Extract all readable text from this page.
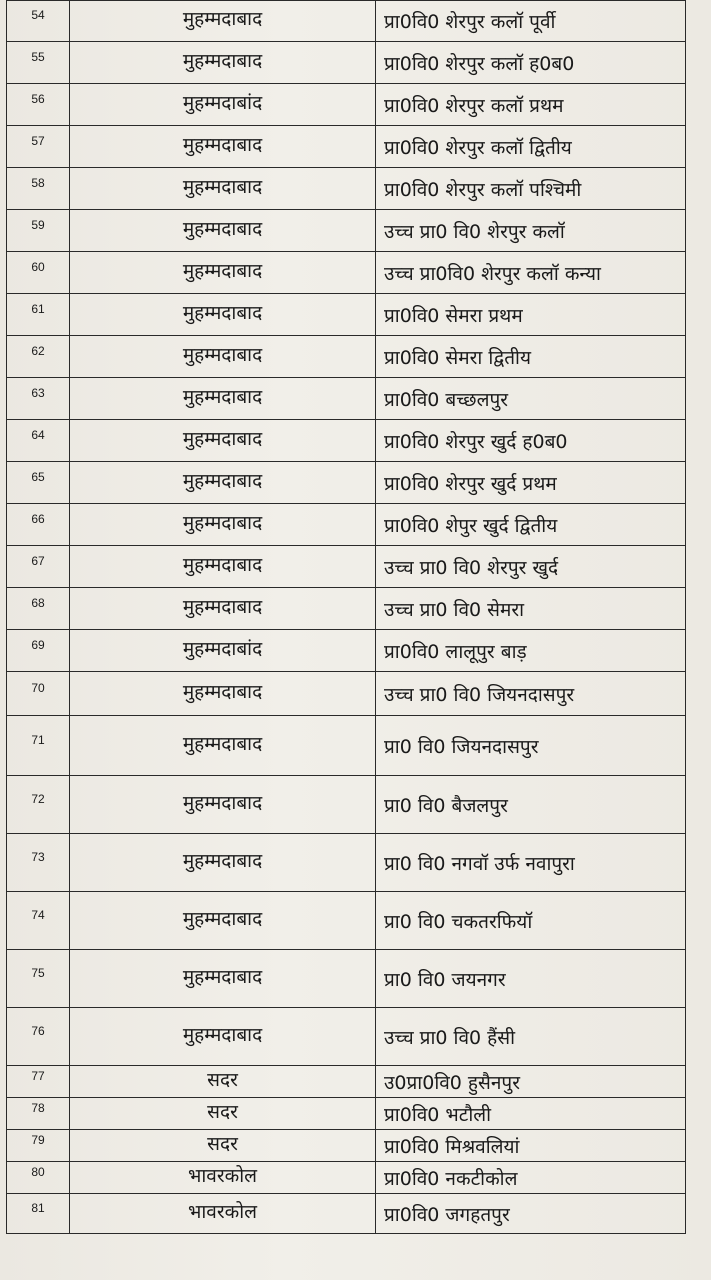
54	मुहम्मदाबाद	प्रा0वि0 शेरपुर कलॉ पूर्वी
55	मुहम्मदाबाद	प्रा0वि0 शेरपुर कलॉ ह0ब0
56	मुहम्मदाबांद	प्रा0वि0 शेरपुर कलॉ प्रथम
57	मुहम्मदाबाद	प्रा0वि0 शेरपुर कलॉ द्वितीय
58	मुहम्मदाबाद	प्रा0वि0 शेरपुर कलॉ पश्चिमी
59	मुहम्मदाबाद	उच्च प्रा0 वि0 शेरपुर कलॉ
60	मुहम्मदाबाद	उच्च प्रा0वि0 शेरपुर कलॉ कन्या
61	मुहम्मदाबाद	प्रा0वि0 सेमरा प्रथम
62	मुहम्मदाबाद	प्रा0वि0 सेमरा द्वितीय
63	मुहम्मदाबाद	प्रा0वि0 बच्छलपुर
64	मुहम्मदाबाद	प्रा0वि0 शेरपुर खुर्द ह0ब0
65	मुहम्मदाबाद	प्रा0वि0 शेरपुर खुर्द प्रथम
66	मुहम्मदाबाद	प्रा0वि0 शेपुर खुर्द द्वितीय
67	मुहम्मदाबाद	उच्च प्रा0 वि0 शेरपुर खुर्द
68	मुहम्मदाबाद	उच्च प्रा0 वि0 सेमरा
69	मुहम्मदाबांद	प्रा0वि0 लालूपुर बाड़
70	मुहम्मदाबाद	उच्च प्रा0 वि0 जियनदासपुर
71	मुहम्मदाबाद	प्रा0 वि0 जियनदासपुर
72	मुहम्मदाबाद	प्रा0 वि0 बैजलपुर
73	मुहम्मदाबाद	प्रा0 वि0 नगवॉ उर्फ नवापुरा
74	मुहम्मदाबाद	प्रा0 वि0 चकतरफियॉ
75	मुहम्मदाबाद	प्रा0 वि0 जयनगर
76	मुहम्मदाबाद	उच्च प्रा0 वि0 हैंसी
77	सदर	उ0प्रा0वि0 हुसैनपुर
78	सदर	प्रा0वि0 भटौली
79	सदर	प्रा0वि0 मिश्रवलियां
80	भावरकोल	प्रा0वि0 नकटीकोल
81	भावरकोल	प्रा0वि0 जगहतपुर
